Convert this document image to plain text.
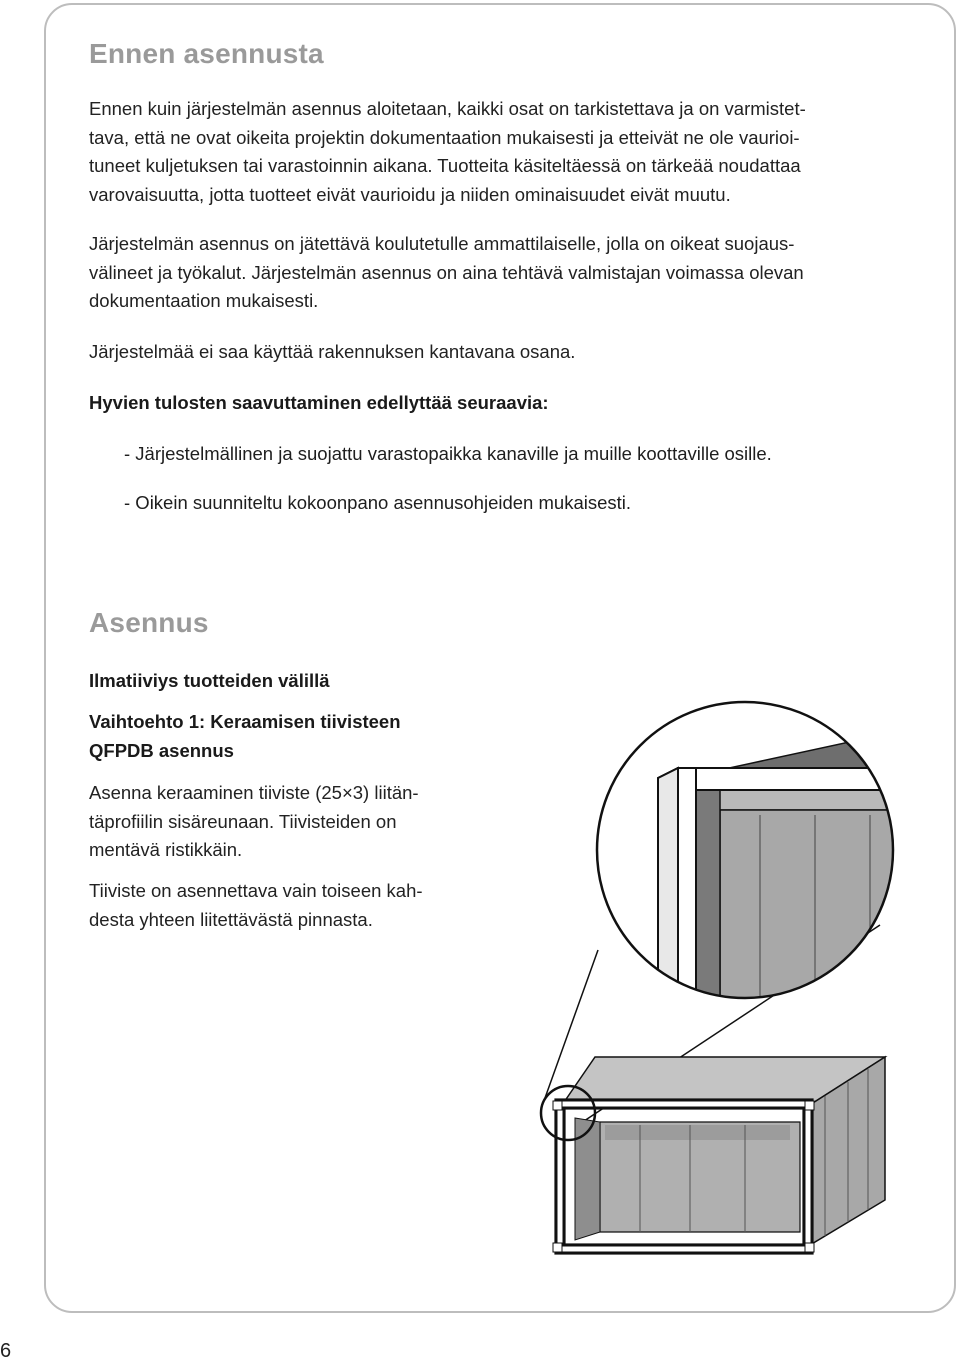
Ennen asennusta

Ennen kuin järjestelmän asennus aloitetaan, kaikki osat on tarkistettava ja on varmistet-
tava, että ne ovat oikeita projektin dokumentaation mukaisesti ja etteivät ne ole vaurioi-
tuneet kuljetuksen tai varastoinnin aikana. Tuotteita käsiteltäessä on tärkeää noudattaa
varovaisuutta, jotta tuotteet eivät vaurioidu ja niiden ominaisuudet eivät muutu.

Järjestelmän asennus on jätettävä koulutetulle ammattilaiselle, jolla on oikeat suojaus-
välineet ja työkalut. Järjestelmän asennus on aina tehtävä valmistajan voimassa olevan
dokumentaation mukaisesti.

Järjestelmää ei saa käyttää rakennuksen kantavana osana.

Hyvien tulosten saavuttaminen edellyttää seuraavia:

- Järjestelmällinen ja suojattu varastopaikka kanaville ja muille koottaville osille.

- Oikein suunniteltu kokoonpano asennusohjeiden mukaisesti.

Asennus

Ilmatiiviys tuotteiden välillä

Vaihtoehto 1: Keraamisen tiivisteen
QFPDB asennus

Asenna keraaminen tiiviste (25×3) liitän-
täprofiilin sisäreunaan. Tiivisteiden on
mentävä ristikkäin.

Tiiviste on asennettava vain toiseen kah-
desta yhteen liitettävästä pinnasta.

6
